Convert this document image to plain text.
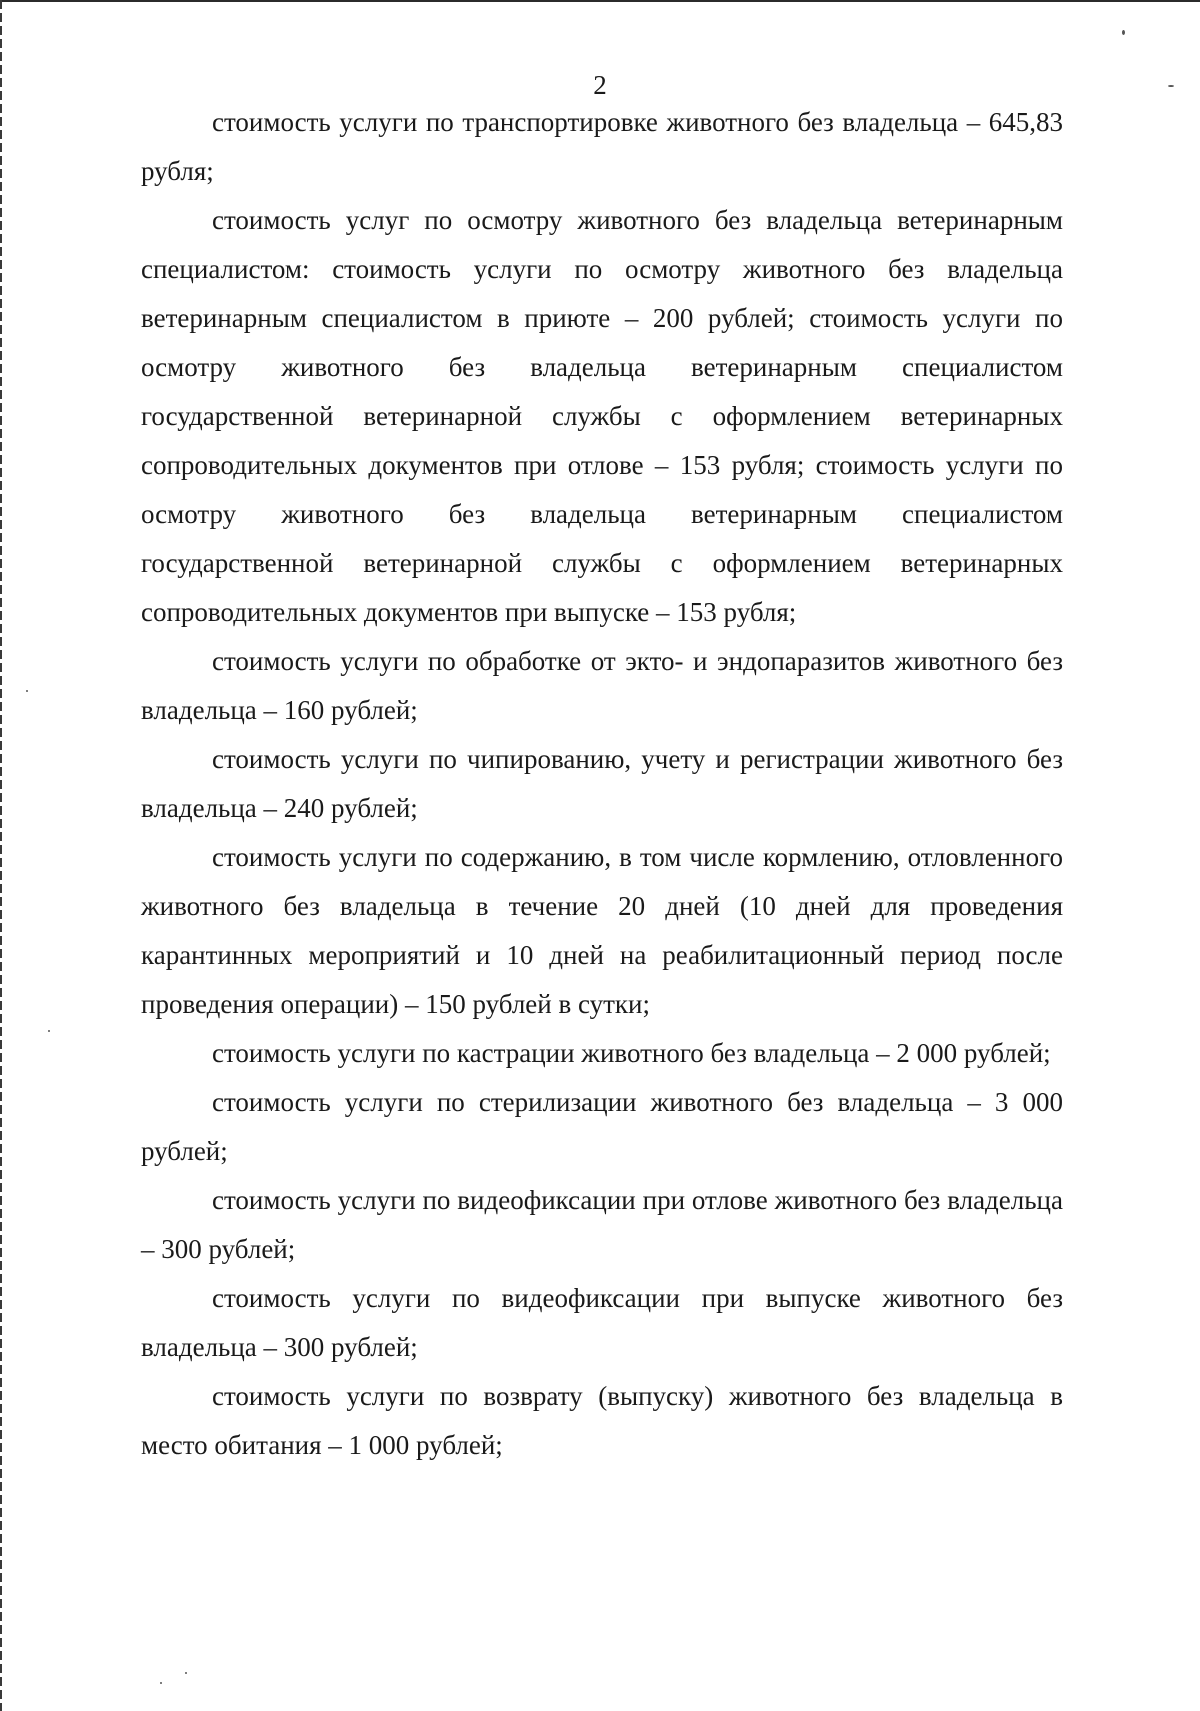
2

стоимость услуги по транспортировке животного без владельца – 645,83 рубля;

стоимость услуг по осмотру животного без владельца ветеринарным специалистом: стоимость услуги по осмотру животного без владельца ветеринарным специалистом в приюте – 200 рублей; стоимость услуги по осмотру животного без владельца ветеринарным специалистом государственной ветеринарной службы с оформлением ветеринарных сопроводительных документов при отлове – 153 рубля; стоимость услуги по осмотру животного без владельца ветеринарным специалистом государственной ветеринарной службы с оформлением ветеринарных сопроводительных документов при выпуске – 153 рубля;

стоимость услуги по обработке от экто- и эндопаразитов животного без владельца – 160 рублей;

стоимость услуги по чипированию, учету и регистрации животного без владельца – 240 рублей;

стоимость услуги по содержанию, в том числе кормлению, отловленного животного без владельца в течение 20 дней (10 дней для проведения карантинных мероприятий и 10 дней на реабилитационный период после проведения операции) – 150 рублей в сутки;

стоимость услуги по кастрации животного без владельца – 2 000 рублей;

стоимость услуги по стерилизации животного без владельца – 3 000 рублей;

стоимость услуги по видеофиксации при отлове животного без владельца – 300 рублей;

стоимость услуги по видеофиксации при выпуске животного без владельца – 300 рублей;

стоимость услуги по возврату (выпуску) животного без владельца в место обитания – 1 000 рублей;
